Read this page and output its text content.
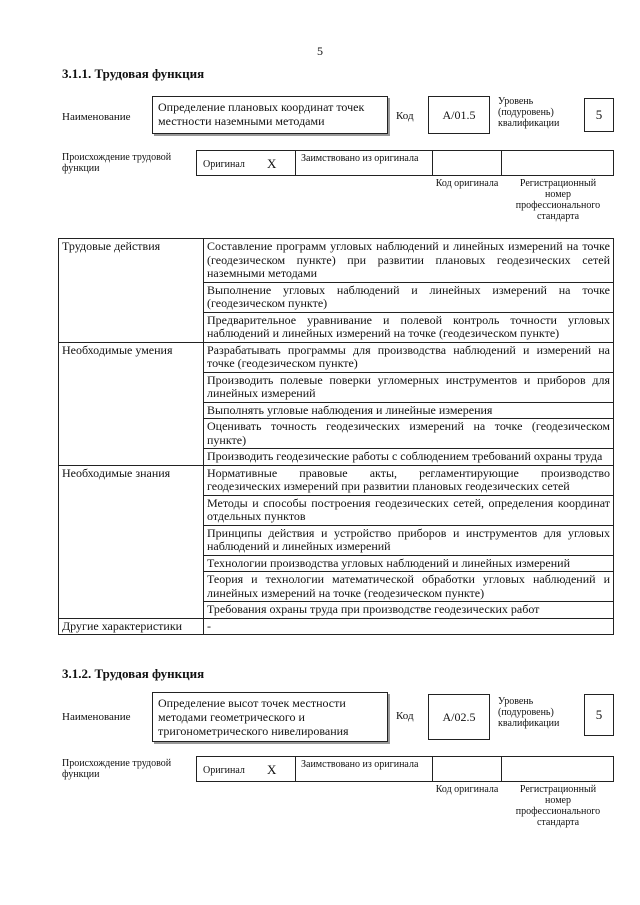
5
3.1.1. Трудовая функция
Наименование
Определение плановых координат точек местности наземными методами	Код	A/01.5
Уровень (подуровень) квалификации
5
Происхождение трудовой функции	Оригинал X Заимствовано из оригинала
Код оригинала	Регистрационный номер профессионального стандарта
Трудовые действия	Составление программ угловых наблюдений и линейных измерений на точке (геодезическом пункте) при развитии плановых геодезических сетей наземными методами
	Выполнение угловых наблюдений и линейных измерений на точке (геодезическом пункте)
	Предварительное уравнивание и полевой контроль точности угловых наблюдений и линейных измерений на точке (геодезическом пункте)
Необходимые умения	Разрабатывать программы для производства наблюдений и измерений на точке (геодезическом пункте)
	Производить полевые поверки угломерных инструментов и приборов для линейных измерений
	Выполнять угловые наблюдения и линейные измерения
	Оценивать точность геодезических измерений на точке (геодезическом пункте)
	Производить геодезические работы с соблюдением требований охраны труда
Необходимые знания	Нормативные правовые акты, регламентирующие производство геодезических измерений при развитии плановых геодезических сетей
	Методы и способы построения геодезических сетей, определения координат отдельных пунктов
	Принципы действия и устройство приборов и инструментов для угловых наблюдений и линейных измерений
	Технологии производства угловых наблюдений и линейных измерений
	Теория и технологии математической обработки угловых наблюдений и линейных измерений на точке (геодезическом пункте)
	Требования охраны труда при производстве геодезических работ
Другие характеристики	-
3.1.2. Трудовая функция
Наименование
Определение высот точек местности методами геометрического и тригонометрического нивелирования
Код	A/02.5
Уровень (подуровень) квалификации
5
Происхождение трудовой функции	Оригинал X Заимствовано из оригинала
Код оригинала	Регистрационный номер профессионального стандарта
